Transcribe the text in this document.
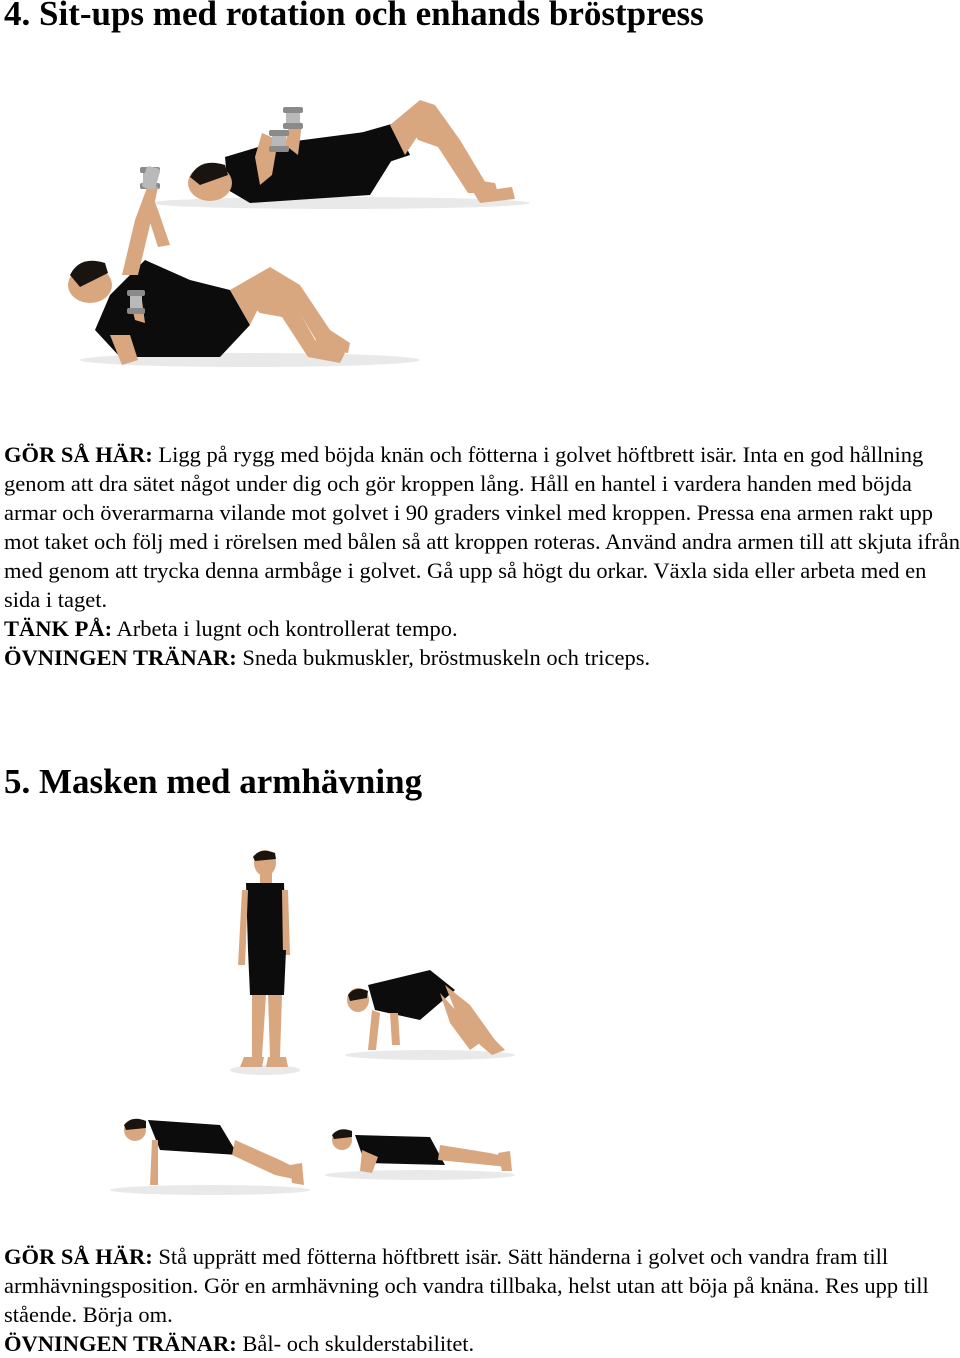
4. Sit-ups med rotation och enhands bröstpress

GÖR SÅ HÄR: Ligg på rygg med böjda knän och fötterna i golvet höftbrett isär. Inta en god hållning genom att dra sätet något under dig och gör kroppen lång. Håll en hantel i vardera handen med böjda armar och överarmarna vilande mot golvet i 90 graders vinkel med kroppen. Pressa ena armen rakt upp mot taket och följ med i rörelsen med bålen så att kroppen roteras. Använd andra armen till att skjuta ifrån med genom att trycka denna armbåge i golvet. Gå upp så högt du orkar. Växla sida eller arbeta med en sida i taget.

TÄNK PÅ: Arbeta i lugnt och kontrollerat tempo.

ÖVNINGEN TRÄNAR: Sneda bukmuskler, bröstmuskeln och triceps.

5. Masken med armhävning

GÖR SÅ HÄR: Stå upprätt med fötterna höftbrett isär. Sätt händerna i golvet och vandra fram till armhävningsposition. Gör en armhävning och vandra tillbaka, helst utan att böja på knäna. Res upp till stående. Börja om.

ÖVNINGEN TRÄNAR: Bål- och skulderstabilitet.
